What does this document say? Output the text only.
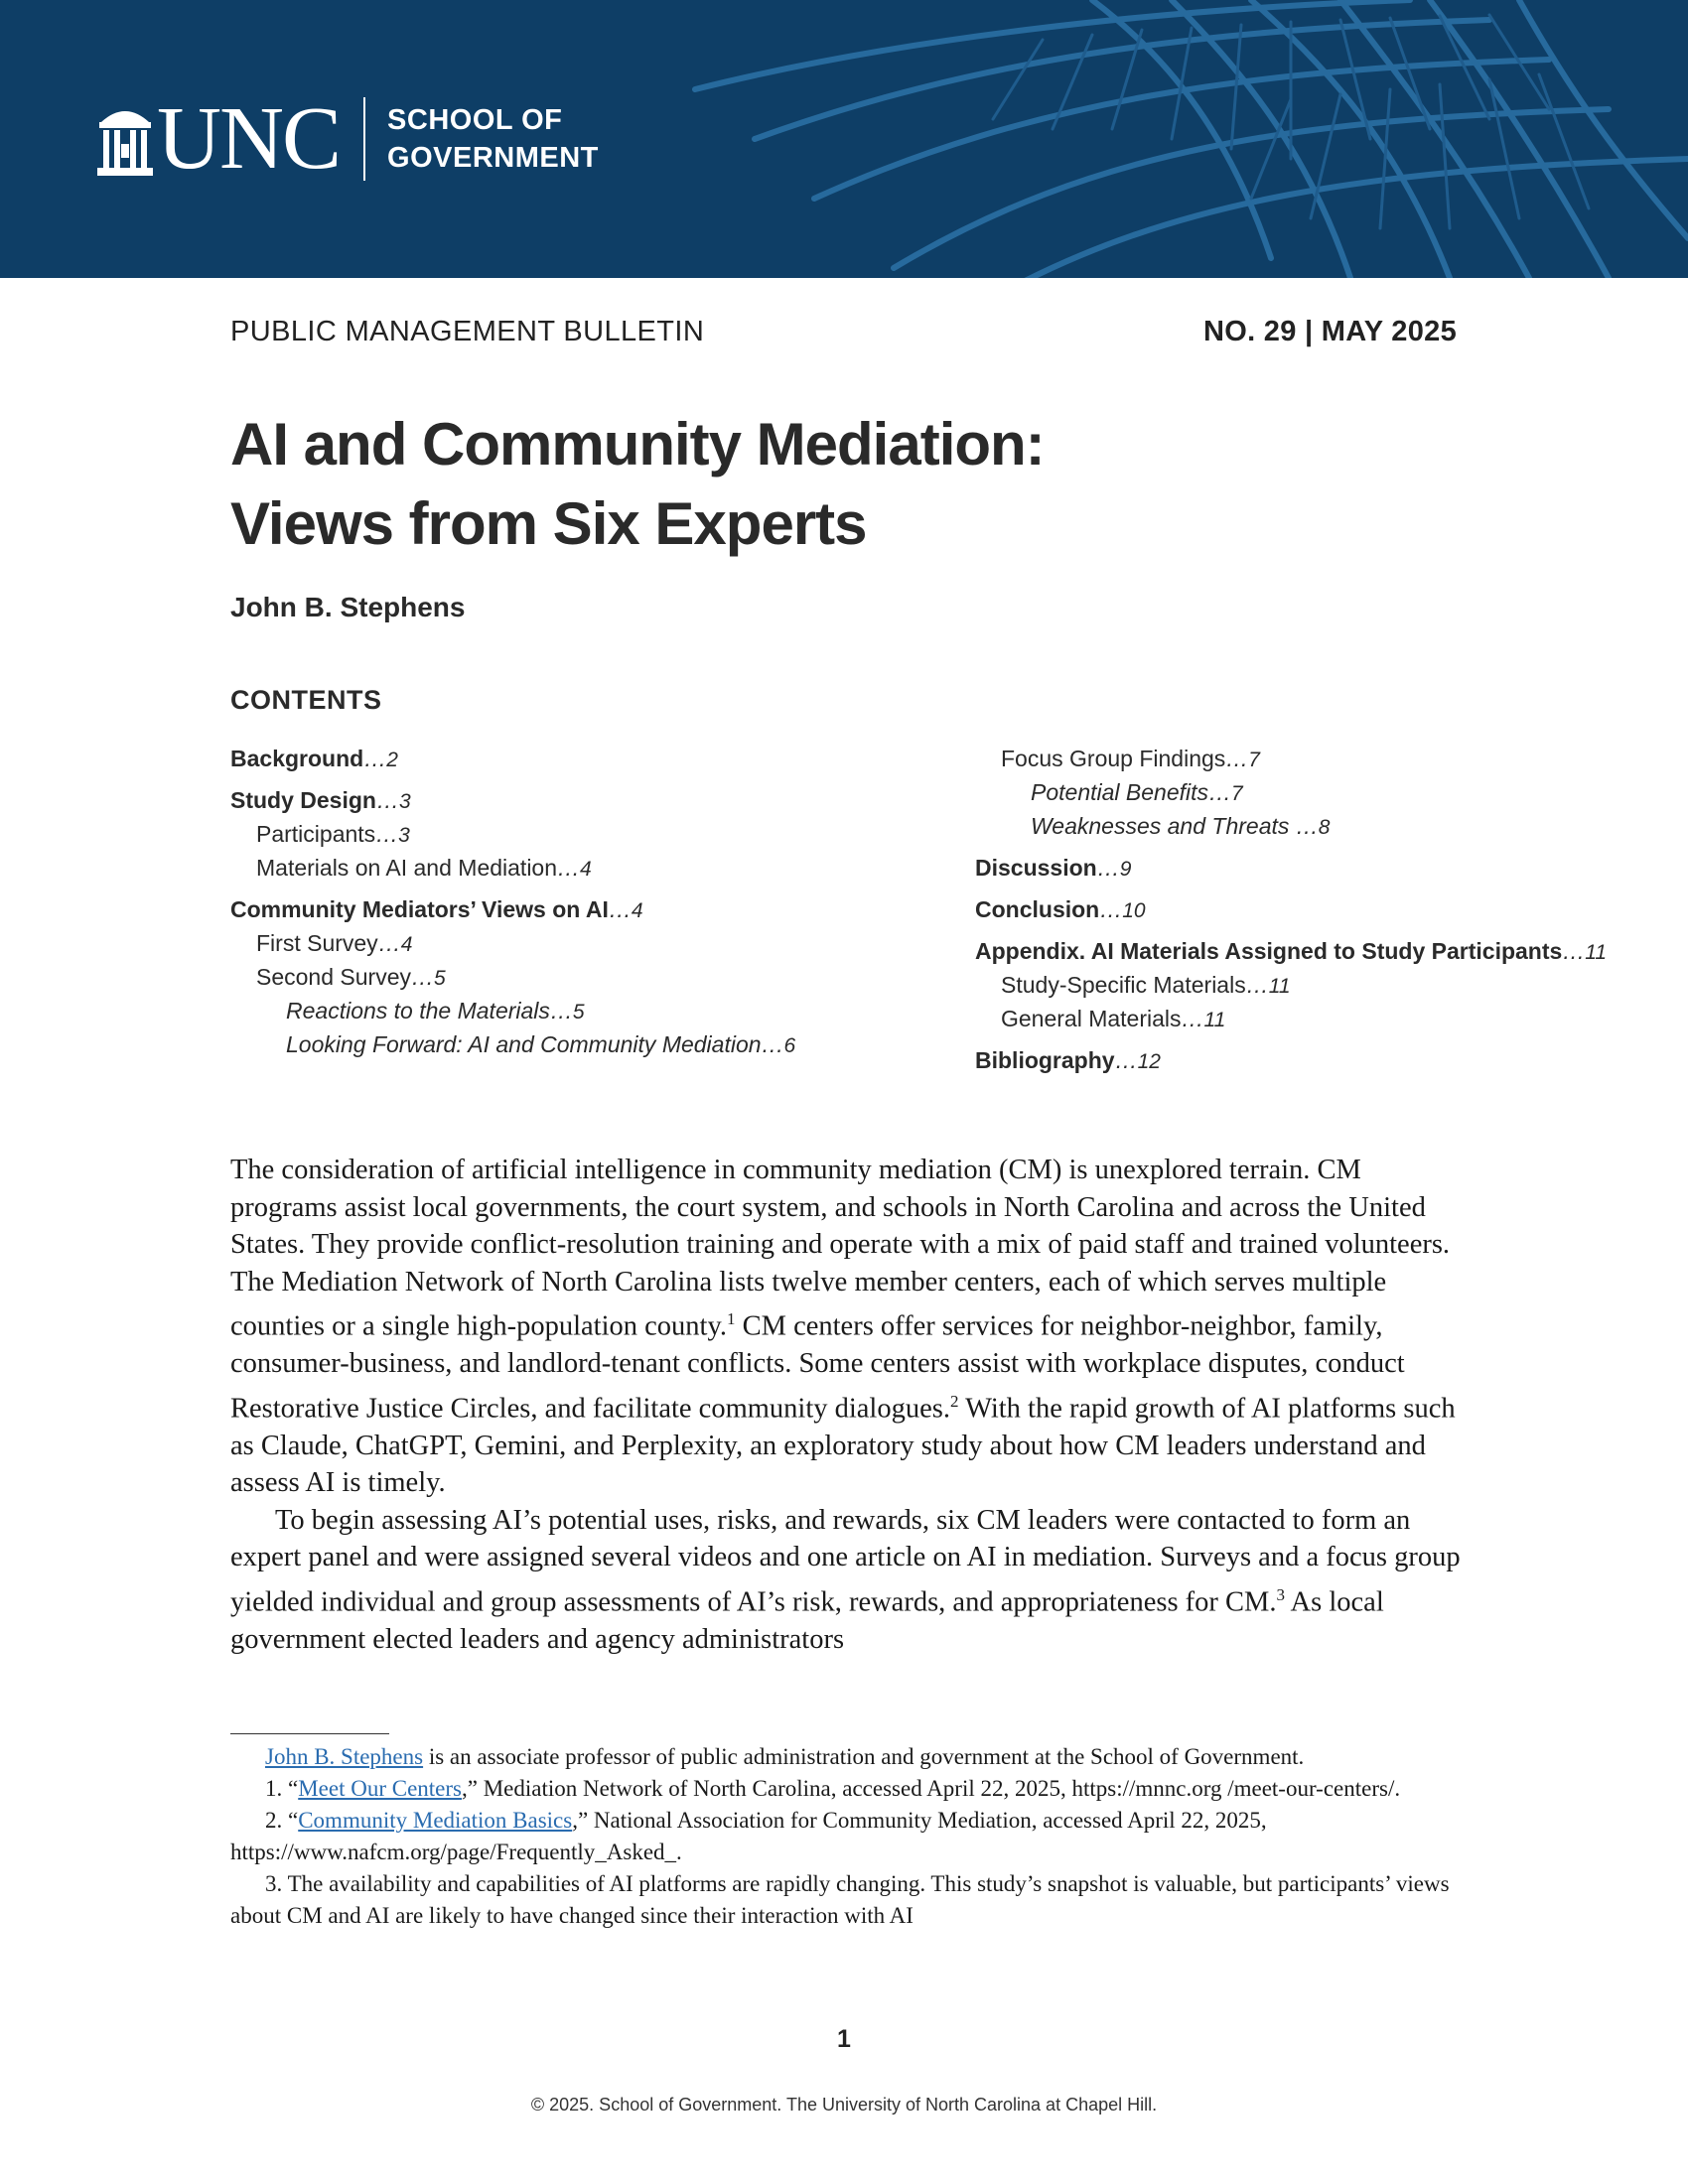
UNC SCHOOL OF
GOVERNMENT
PUBLIC MANAGEMENT BULLETIN	NO. 29 | MAY 2025
AI and Community Mediation:
Views from Six Experts
John B. Stephens
CONTENTS
Background…2
Study Design…3
Participants…3
Materials on AI and Mediation…4
Community Mediators’ Views on AI…4
First Survey…4
Second Survey…5
Reactions to the Materials…5
Looking Forward: AI and Community Mediation…6
Focus Group Findings…7
Potential Benefits…7
Weaknesses and Threats …8
Discussion…9
Conclusion…10
Appendix. AI Materials Assigned to Study Participants…11
Study-Specific Materials…11
General Materials…11
Bibliography…12

The consideration of artificial intelligence in community mediation (CM) is unexplored terrain. CM programs assist local governments, the court system, and schools in North Carolina and across the United States. They provide conflict-resolution training and operate with a mix of paid staff and trained volunteers. The Mediation Network of North Carolina lists twelve member centers, each of which serves multiple counties or a single high-population county.$^1$ CM centers offer services for neighbor-neighbor, family, consumer-business, and landlord-tenant conflicts. Some centers assist with workplace disputes, conduct Restorative Justice Circles, and facilitate community dialogues.$^2$ With the rapid growth of AI platforms such as Claude, ChatGPT, Gemini, and Perplexity, an exploratory study about how CM leaders understand and assess AI is timely.

To begin assessing AI’s potential uses, risks, and rewards, six CM leaders were contacted to form an expert panel and were assigned several videos and one article on AI in mediation. Surveys and a focus group yielded individual and group assessments of AI’s risk, rewards, and appropriateness for CM.$^3$ As local government elected leaders and agency administrators

John B. Stephens is an associate professor of public administration and government at the School of Government.

1. “Meet Our Centers,” Mediation Network of North Carolina, accessed April 22, 2025, https://mnnc.org /meet-our-centers/.

2. “Community Mediation Basics,” National Association for Community Mediation, accessed April 22, 2025, https://www.nafcm.org/page/Frequently_Asked_.

3. The availability and capabilities of AI platforms are rapidly changing. This study’s snapshot is valuable, but participants’ views about CM and AI are likely to have changed since their interaction with AI

1
© 2025. School of Government. The University of North Carolina at Chapel Hill.
